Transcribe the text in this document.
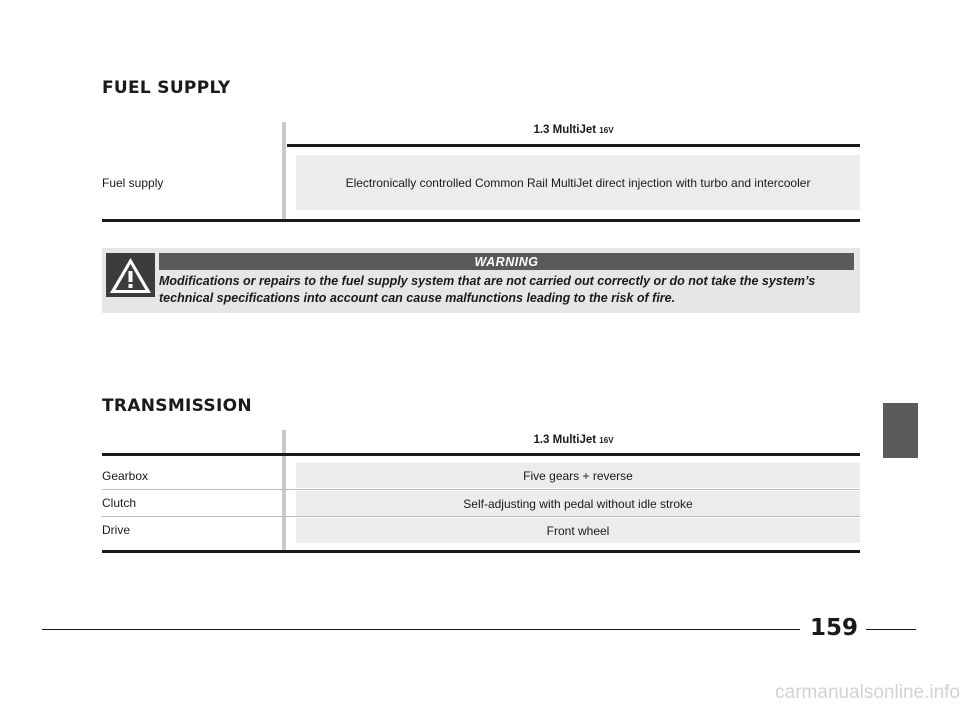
FUEL SUPPLY
1.3 MultiJet 16V
Fuel supply	Electronically controlled Common Rail MultiJet direct injection with turbo and intercooler
WARNING

Modifications or repairs to the fuel supply system that are not carried out correctly or do not take the system’s technical specifications into account can cause malfunctions leading to the risk of fire.

TRANSMISSION
1.3 MultiJet 16V
Gearbox	Five gears + reverse
Clutch	Self-adjusting with pedal without idle stroke
Drive	Front wheel
159
carmanualsonline.info
